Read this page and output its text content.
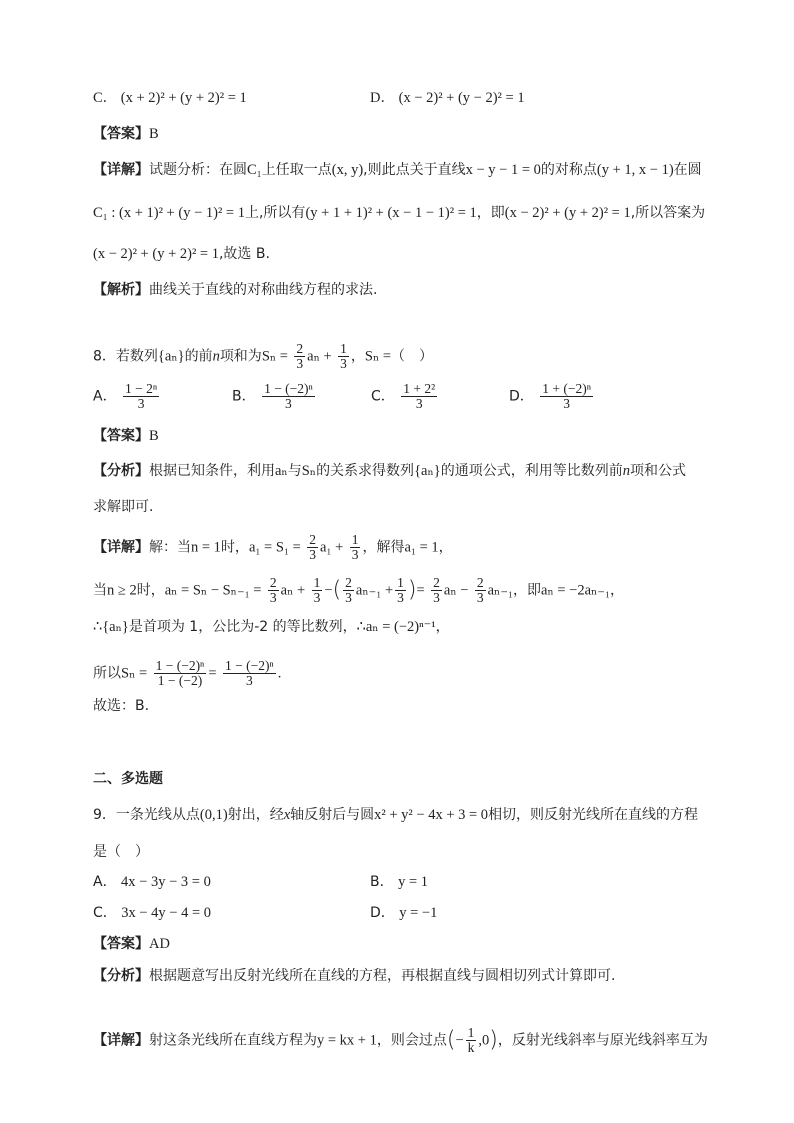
C． (x + 2)² + (y + 2)² = 1	D． (x − 2)² + (y − 2)² = 1
【答案】B
【详解】试题分析：在圆C₁上任取一点(x, y),则此点关于直线x − y − 1 = 0的对称点(y + 1, x − 1)在圆
C₁ : (x + 1)² + (y − 1)² = 1上,所以有(y + 1 + 1)² + (x − 1 − 1)² = 1，即(x − 2)² + (y + 2)² = 1,所以答案为
(x − 2)² + (y + 2)² = 1,故选 B.
【解析】曲线关于直线的对称曲线方程的求法.
8．若数列{aₙ}的前n项和为$S_n = \frac{2}{3}$ $a_n + \frac{1}{3}$ ，Sₙ =（　）
A． $\frac{\text{1 − 2ⁿ}}{3}$	B． $\frac{\text{1 − (−2)ⁿ}}{3}$	C． $\frac{\text{1 + 2²}}{3}$	D． $\frac{\text{1 + (−2)ⁿ}}{3}$
【答案】B
【分析】根据已知条件，利用aₙ与Sₙ的关系求得数列{aₙ}的通项公式，利用等比数列前n项和公式
求解即可.
【详解】解：当n = 1时，$a_1 = S_1 = \frac{2}{3} a_1 + \frac{1}{3}$ ，解得a₁ = 1，
当n ≥ 2时，$a_n = S_n - S_{n-1} = \frac{2}{3}$ $a_n + \frac{1}{3}$ −( $\frac{2}{3} a_{n-1} + \frac{1}{3}$ )= $\frac{2}{3}$ $a_n - \frac{2}{3} a_{n-1}$，即aₙ = −2aₙ₋₁，
∴{aₙ}是首项为 1，公比为-2 的等比数列，∴aₙ = (−2)ⁿ⁻¹，
所以$S_n = \frac{\text{1 − (−2)ⁿ}}{1 - (-2)} = \frac{\text{1 − (−2)ⁿ}}{3}$ .
故选：B.
二、多选题
9．一条光线从点(0,1)射出，经x轴反射后与圆x² + y² − 4x + 3 = 0相切，则反射光线所在直线的方程
是（　）
A． 4x − 3y − 3 = 0	B． y = 1
C． 3x − 4y − 4 = 0	D． y = −1
【答案】AD
【分析】根据题意写出反射光线所在直线的方程，再根据直线与圆相切列式计算即可.
【详解】射这条光线所在直线方程为y = kx + 1，则会过点(− $\frac{1}{k} ,0$)，反射光线斜率与原光线斜率互为
